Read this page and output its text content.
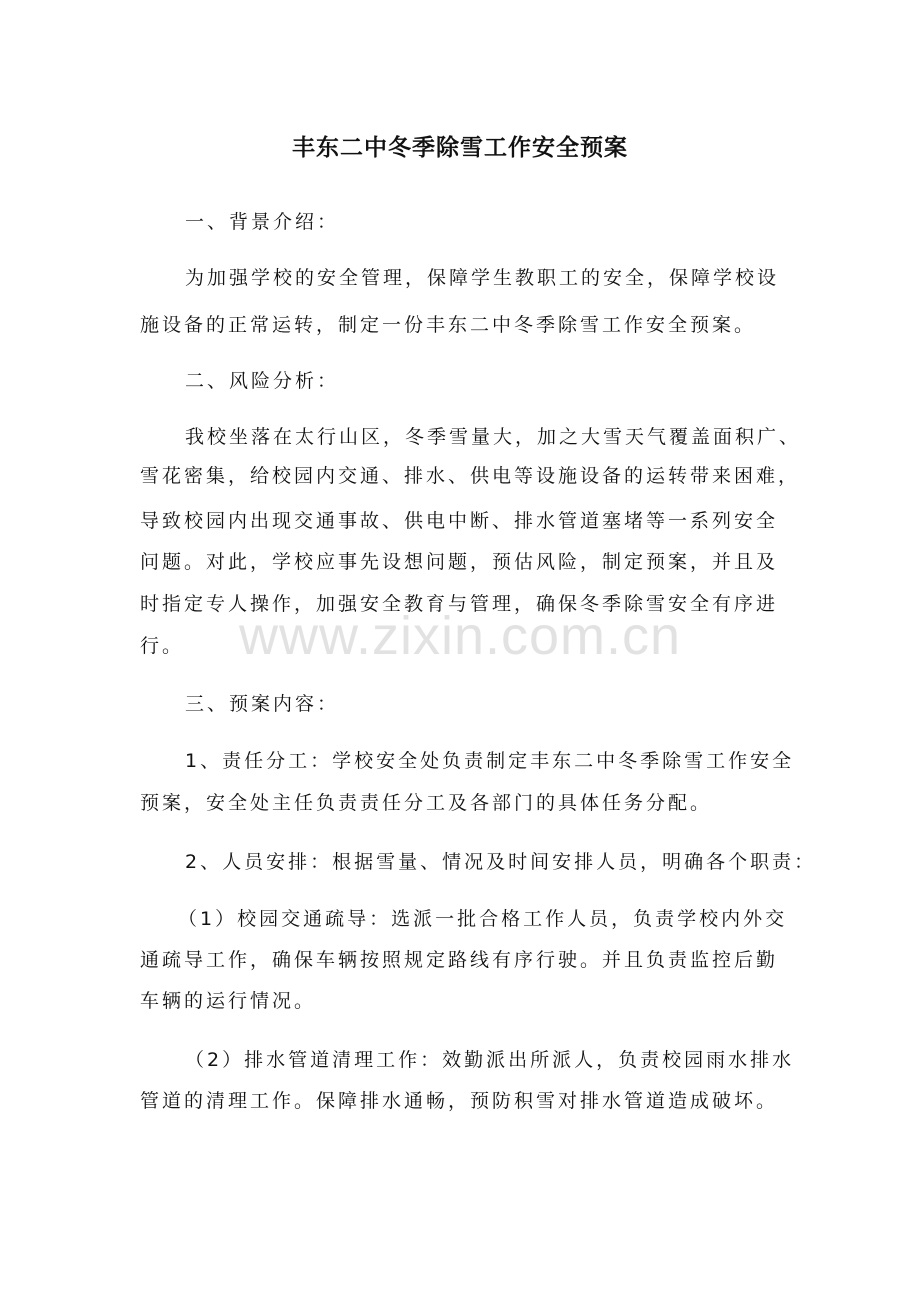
丰东二中冬季除雪工作安全预案
一、背景介绍：
为加强学校的安全管理，保障学生教职工的安全，保障学校设
施设备的正常运转，制定一份丰东二中冬季除雪工作安全预案。
二、风险分析：
我校坐落在太行山区，冬季雪量大，加之大雪天气覆盖面积广、
雪花密集，给校园内交通、排水、供电等设施设备的运转带来困难，
导致校园内出现交通事故、供电中断、排水管道塞堵等一系列安全
问题。对此，学校应事先设想问题，预估风险，制定预案，并且及
时指定专人操作，加强安全教育与管理，确保冬季除雪安全有序进
行。
三、预案内容：
1、责任分工：学校安全处负责制定丰东二中冬季除雪工作安全
预案，安全处主任负责责任分工及各部门的具体任务分配。
2、人员安排：根据雪量、情况及时间安排人员，明确各个职责：
（1）校园交通疏导：选派一批合格工作人员，负责学校内外交
通疏导工作，确保车辆按照规定路线有序行驶。并且负责监控后勤
车辆的运行情况。
（2）排水管道清理工作：效勤派出所派人，负责校园雨水排水
管道的清理工作。保障排水通畅，预防积雪对排水管道造成破坏。
www.zixin.com.cn
